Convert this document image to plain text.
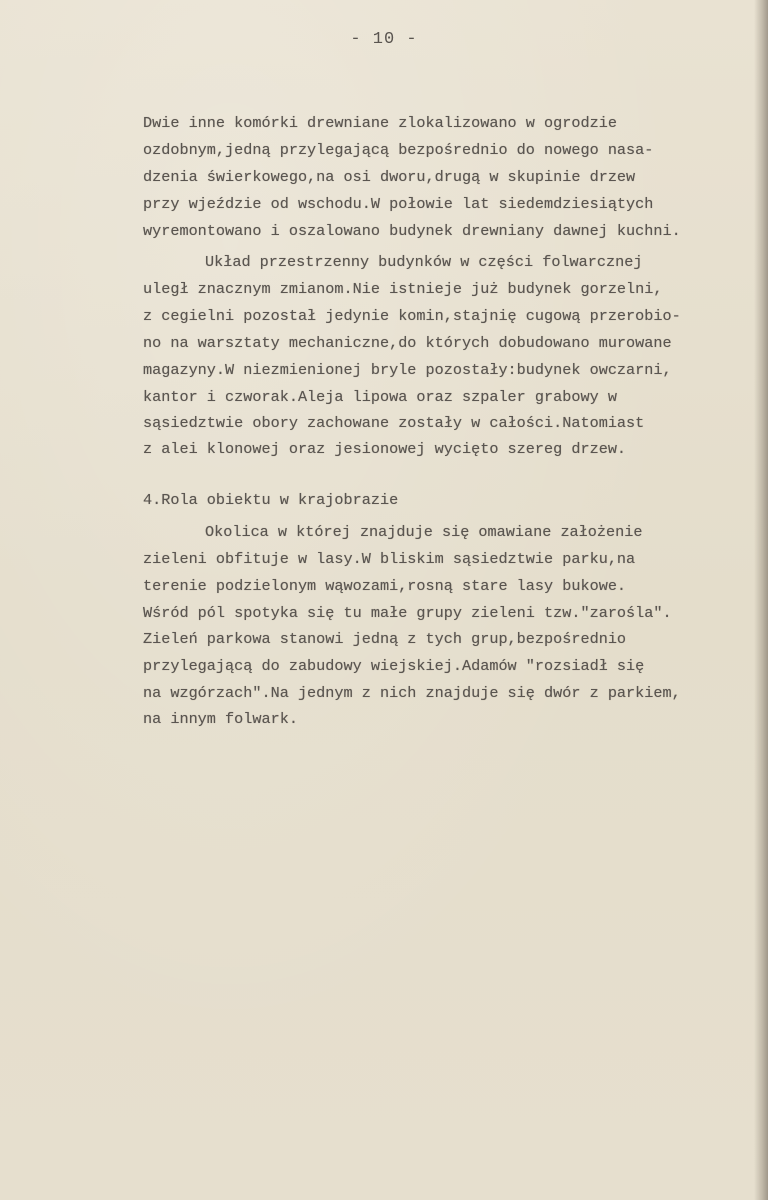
- 10 -
Dwie inne komórki drewniane zlokalizowano w ogrodzie
ozdobnym,jedną przylegającą bezpośrednio do nowego nasa-
dzenia świerkowego,na osi dworu,drugą w skupinie drzew
przy wjeździe od wschodu.W połowie lat siedemdziesiątych
wyremontowano i oszalowano budynek drewniany dawnej kuchni.
Układ przestrzenny budynków w części folwarcznej
uległ znacznym zmianom.Nie istnieje już budynek gorzelni,
z cegielni pozostał jedynie komin,stajnię cugową przerobio-
no na warsztaty mechaniczne,do których dobudowano murowane
magazyny.W niezmienionej bryle pozostały:budynek owczarni,
kantor i czworak.Aleja lipowa oraz szpaler grabowy w
sąsiedztwie obory zachowane zostały w całości.Natomiast
z alei klonowej oraz jesionowej wycięto szereg drzew.
4.Rola obiektu w krajobrazie
Okolica w której znajduje się omawiane założenie
zieleni obfituje w lasy.W bliskim sąsiedztwie parku,na
terenie podzielonym wąwozami,rosną stare lasy bukowe.
Wśród pól spotyka się tu małe grupy zieleni tzw."zarośla".
Zieleń parkowa stanowi jedną z tych grup,bezpośrednio
przylegającą do zabudowy wiejskiej.Adamów "rozsiadł się
na wzgórzach".Na jednym z nich znajduje się dwór z parkiem,
na innym folwark.
